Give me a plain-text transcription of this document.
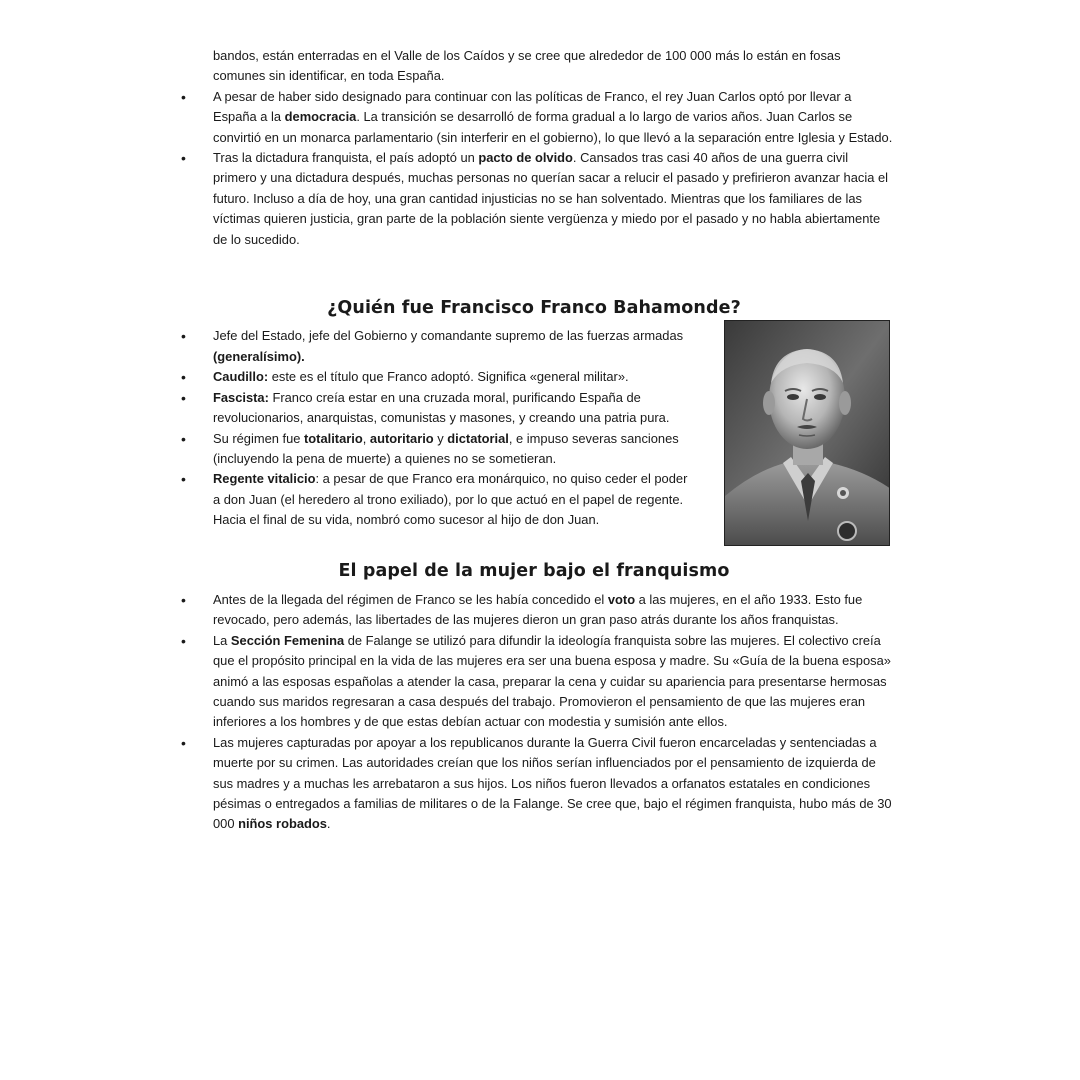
bandos, están enterradas en el Valle de los Caídos y se cree que alrededor de 100 000 más lo están en fosas comunes sin identificar, en toda España.
• A pesar de haber sido designado para continuar con las políticas de Franco, el rey Juan Carlos optó por llevar a España a la democracia. La transición se desarrolló de forma gradual a lo largo de varios años. Juan Carlos se convirtió en un monarca parlamentario (sin interferir en el gobierno), lo que llevó a la separación entre Iglesia y Estado.
• Tras la dictadura franquista, el país adoptó un pacto de olvido. Cansados tras casi 40 años de una guerra civil primero y una dictadura después, muchas personas no querían sacar a relucir el pasado y prefirieron avanzar hacia el futuro. Incluso a día de hoy, una gran cantidad injusticias no se han solventado. Mientras que los familiares de las víctimas quieren justicia, gran parte de la población siente vergüenza y miedo por el pasado y no habla abiertamente de lo sucedido.
¿Quién fue Francisco Franco Bahamonde?
• Jefe del Estado, jefe del Gobierno y comandante supremo de las fuerzas armadas (generalísimo).
• Caudillo: este es el título que Franco adoptó. Significa «general militar».
• Fascista: Franco creía estar en una cruzada moral, purificando España de revolucionarios, anarquistas, comunistas y masones, y creando una patria pura.
• Su régimen fue totalitario, autoritario y dictatorial, e impuso severas sanciones (incluyendo la pena de muerte) a quienes no se sometieran.
• Regente vitalicio: a pesar de que Franco era monárquico, no quiso ceder el poder a don Juan (el heredero al trono exiliado), por lo que actuó en el papel de regente. Hacia el final de su vida, nombró como sucesor al hijo de don Juan.
El papel de la mujer bajo el franquismo
• Antes de la llegada del régimen de Franco se les había concedido el voto a las mujeres, en el año 1933. Esto fue revocado, pero además, las libertades de las mujeres dieron un gran paso atrás durante los años franquistas.
• La Sección Femenina de Falange se utilizó para difundir la ideología franquista sobre las mujeres. El colectivo creía que el propósito principal en la vida de las mujeres era ser una buena esposa y madre. Su «Guía de la buena esposa» animó a las esposas españolas a atender la casa, preparar la cena y cuidar su apariencia para presentarse hermosas cuando sus maridos regresaran a casa después del trabajo. Promovieron el pensamiento de que las mujeres eran inferiores a los hombres y de que estas debían actuar con modestia y sumisión ante ellos.
• Las mujeres capturadas por apoyar a los republicanos durante la Guerra Civil fueron encarceladas y sentenciadas a muerte por su crimen. Las autoridades creían que los niños serían influenciados por el pensamiento de izquierda de sus madres y a muchas les arrebataron a sus hijos. Los niños fueron llevados a orfanatos estatales en condiciones pésimas o entregados a familias de militares o de la Falange. Se cree que, bajo el régimen franquista, hubo más de 30 000 niños robados.
